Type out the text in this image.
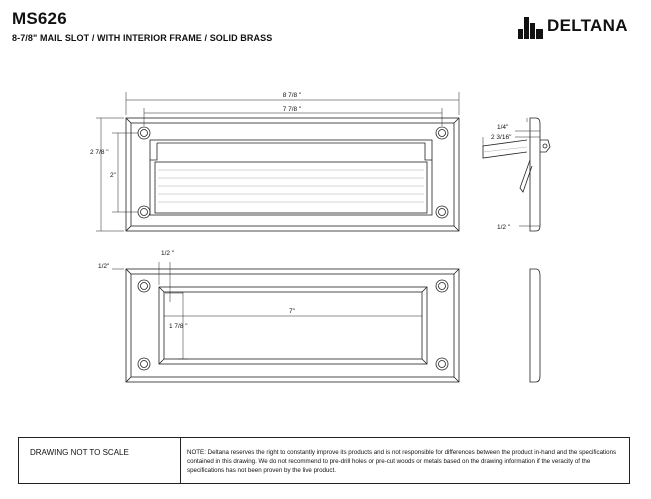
MS626
8-7/8" MAIL SLOT / WITH INTERIOR FRAME / SOLID BRASS
DELTANA
8 7/8 "
7 7/8 "
2 7/8 "
2"
1/4"
2 3/16"
1/2 "
1/2"
1/2 "
7"
1 7/8 "
DRAWING NOT TO SCALE	NOTE: Deltana reserves the right to constantly improve its products and is not responsible for differences between the product in-hand and the specifications contained in this drawing. We do not recommend to pre-drill holes or pre-cut woods or metals based on the drawing information if the veracity of the specifications has not been proven by the live product.
